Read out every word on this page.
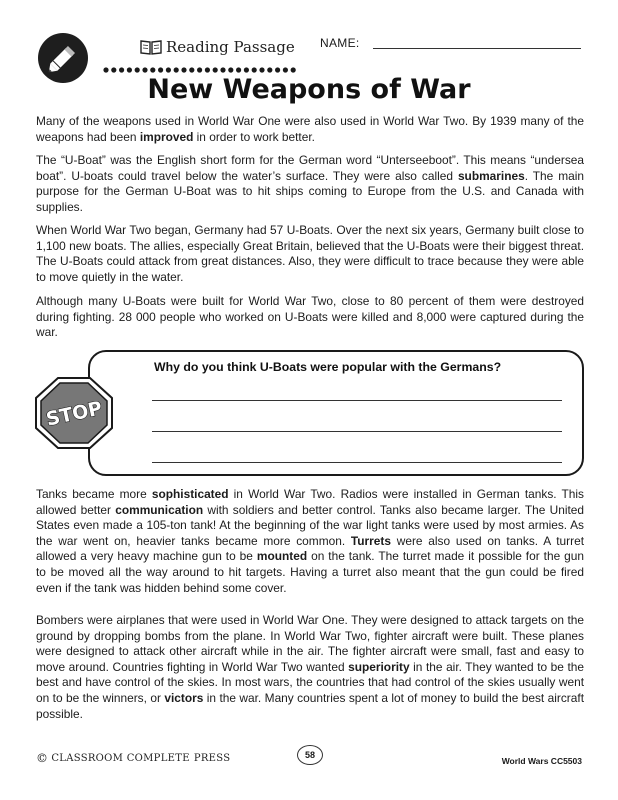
Reading Passage NAME:
New Weapons of War

Many of the weapons used in World War One were also used in World War Two. By 1939 many of the weapons had been improved in order to work better.

The “U-Boat” was the English short form for the German word “Unterseeboot”. This means “undersea boat”. U-boats could travel below the water’s surface. They were also called submarines. The main purpose for the German U-Boat was to hit ships coming to Europe from the U.S. and Canada with supplies.

When World War Two began, Germany had 57 U-Boats. Over the next six years, Germany built close to 1,100 new boats. The allies, especially Great Britain, believed that the U-Boats were their biggest threat. The U-Boats could attack from great distances. Also, they were difficult to trace because they were able to move quietly in the water.

Although many U-Boats were built for World War Two, close to 80 percent of them were destroyed during fighting. 28 000 people who worked on U-Boats were killed and 8,000 were captured during the war.

Why do you think U-Boats were popular with the Germans?
STOP

Tanks became more sophisticated in World War Two. Radios were installed in German tanks. This allowed better communication with soldiers and better control. Tanks also became larger. The United States even made a 105-ton tank! At the beginning of the war light tanks were used by most armies. As the war went on, heavier tanks became more common. Turrets were also used on tanks. A turret allowed a very heavy machine gun to be mounted on the tank. The turret made it possible for the gun to be moved all the way around to hit targets. Having a turret also meant that the gun could be fired even if the tank was hidden behind some cover.

Bombers were airplanes that were used in World War One. They were designed to attack targets on the ground by dropping bombs from the plane. In World War Two, fighter aircraft were built. These planes were designed to attack other aircraft while in the air. The fighter aircraft were small, fast and easy to move around. Countries fighting in World War Two wanted superiority in the air. They wanted to be the best and have control of the skies. In most wars, the countries that had control of the skies usually went on to be the winners, or victors in the war. Many countries spent a lot of money to build the best aircraft possible.

© CLASSROOM COMPLETE PRESS	58
World Wars CC5503
